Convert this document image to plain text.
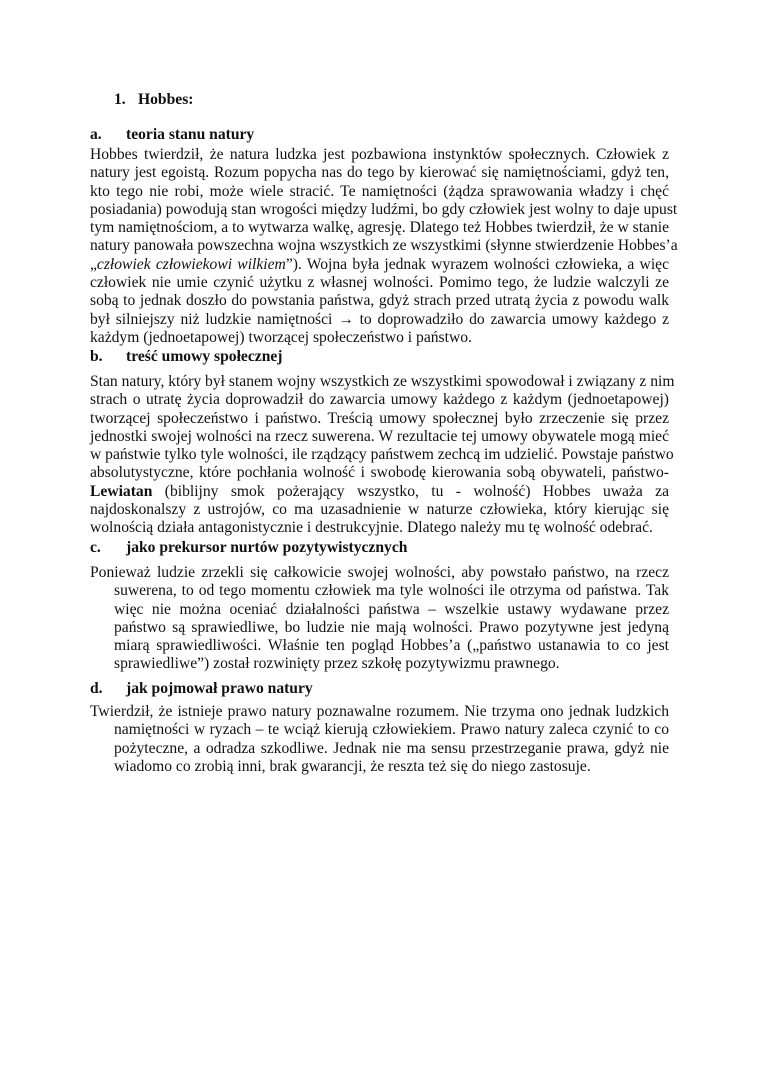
1. Hobbes:
a. teoria stanu natury
Hobbes twierdził, że natura ludzka jest pozbawiona instynktów społecznych. Człowiek z
natury jest egoistą. Rozum popycha nas do tego by kierować się namiętnościami, gdyż ten,
kto tego nie robi, może wiele stracić. Te namiętności (żądza sprawowania władzy i chęć
posiadania) powodują stan wrogości między ludźmi, bo gdy człowiek jest wolny to daje upust
tym namiętnościom, a to wytwarza walkę, agresję. Dlatego też Hobbes twierdził, że w stanie
natury panowała powszechna wojna wszystkich ze wszystkimi (słynne stwierdzenie Hobbes’a
„człowiek człowiekowi wilkiem”). Wojna była jednak wyrazem wolności człowieka, a więc
człowiek nie umie czynić użytku z własnej wolności. Pomimo tego, że ludzie walczyli ze
sobą to jednak doszło do powstania państwa, gdyż strach przed utratą życia z powodu walk
był silniejszy niż ludzkie namiętności → to doprowadziło do zawarcia umowy każdego z
każdym (jednoetapowej) tworzącej społeczeństwo i państwo.
b. treść umowy społecznej
Stan natury, który był stanem wojny wszystkich ze wszystkimi spowodował i związany z nim
strach o utratę życia doprowadził do zawarcia umowy każdego z każdym (jednoetapowej)
tworzącej społeczeństwo i państwo. Treścią umowy społecznej było zrzeczenie się przez
jednostki swojej wolności na rzecz suwerena. W rezultacie tej umowy obywatele mogą mieć
w państwie tylko tyle wolności, ile rządzący państwem zechcą im udzielić. Powstaje państwo
absolutystyczne, które pochłania wolność i swobodę kierowania sobą obywateli, państwo-
Lewiatan (biblijny smok pożerający wszystko, tu - wolność) Hobbes uważa za
najdoskonalszy z ustrojów, co ma uzasadnienie w naturze człowieka, który kierując się
wolnością działa antagonistycznie i destrukcyjnie. Dlatego należy mu tę wolność odebrać.
c. jako prekursor nurtów pozytywistycznych
Ponieważ ludzie zrzekli się całkowicie swojej wolności, aby powstało państwo, na rzecz
suwerena, to od tego momentu człowiek ma tyle wolności ile otrzyma od państwa. Tak
więc nie można oceniać działalności państwa – wszelkie ustawy wydawane przez
państwo są sprawiedliwe, bo ludzie nie mają wolności. Prawo pozytywne jest jedyną
miarą sprawiedliwości. Właśnie ten pogląd Hobbes’a („państwo ustanawia to co jest
sprawiedliwe”) został rozwinięty przez szkołę pozytywizmu prawnego.
d. jak pojmował prawo natury
Twierdził, że istnieje prawo natury poznawalne rozumem. Nie trzyma ono jednak ludzkich
namiętności w ryzach – te wciąż kierują człowiekiem. Prawo natury zaleca czynić to co
pożyteczne, a odradza szkodliwe. Jednak nie ma sensu przestrzeganie prawa, gdyż nie
wiadomo co zrobią inni, brak gwarancji, że reszta też się do niego zastosuje.
